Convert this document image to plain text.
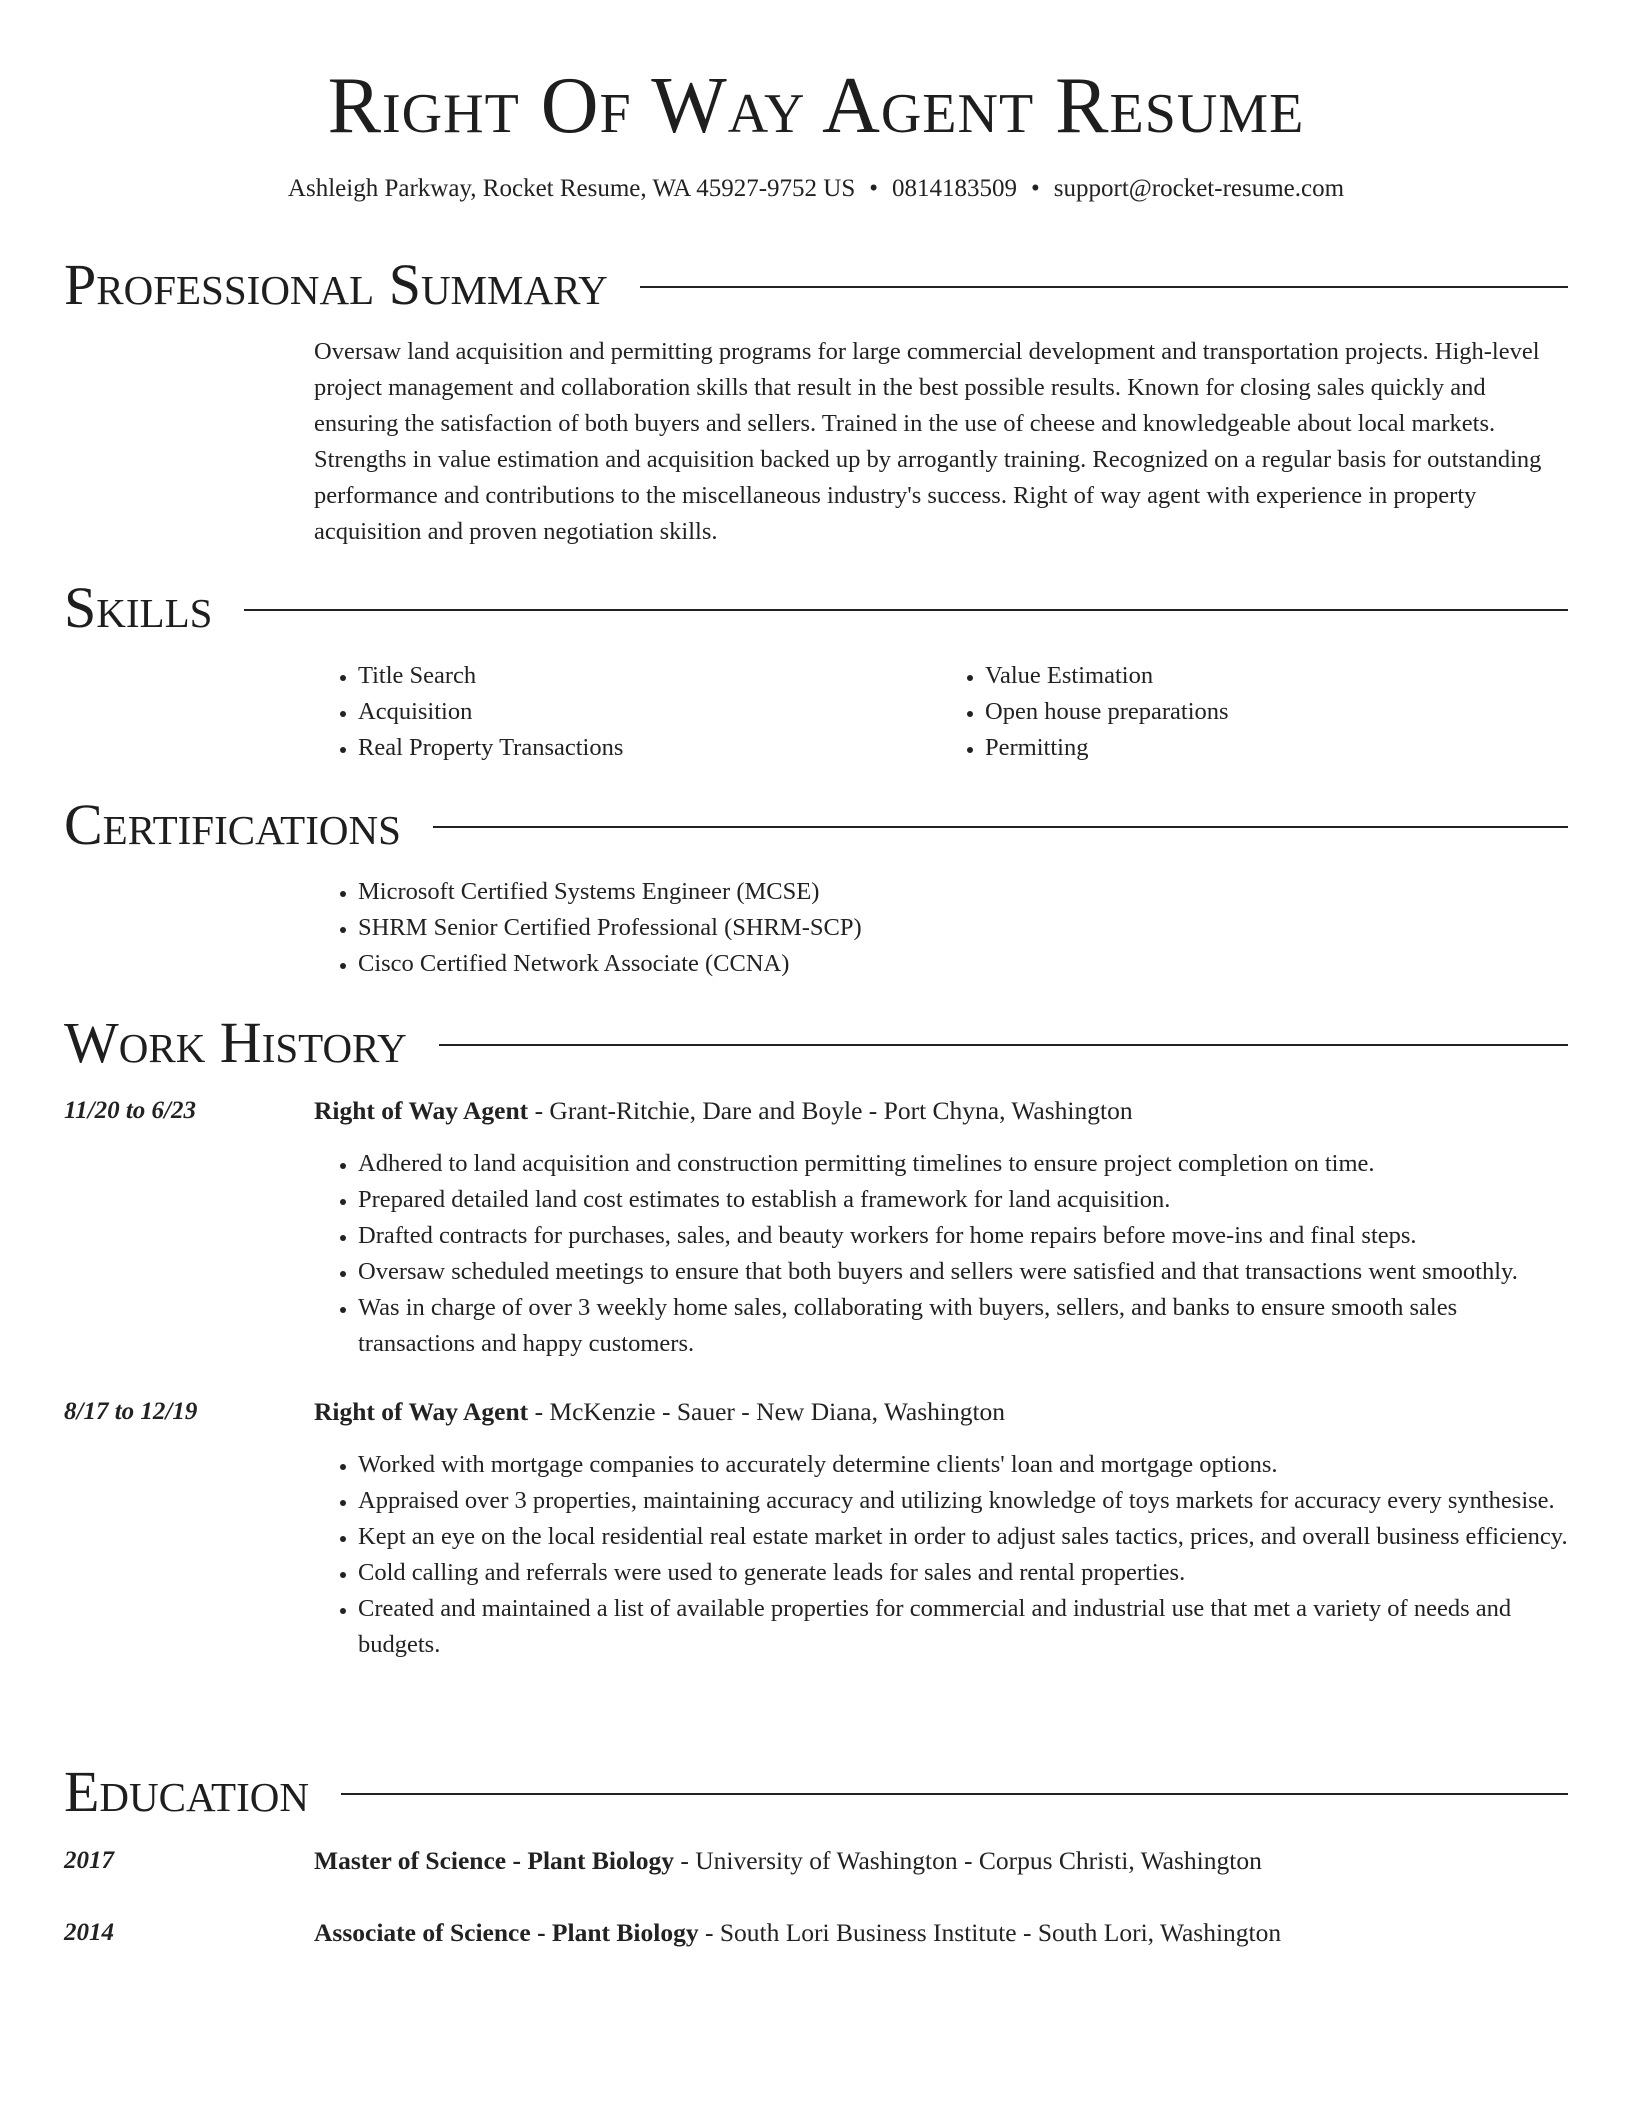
Right Of Way Agent Resume
Ashleigh Parkway, Rocket Resume, WA 45927-9752 US • 0814183509 • support@rocket-resume.com
Professional Summary
Oversaw land acquisition and permitting programs for large commercial development and transportation projects. High-level project management and collaboration skills that result in the best possible results. Known for closing sales quickly and ensuring the satisfaction of both buyers and sellers. Trained in the use of cheese and knowledgeable about local markets. Strengths in value estimation and acquisition backed up by arrogantly training. Recognized on a regular basis for outstanding performance and contributions to the miscellaneous industry's success. Right of way agent with experience in property acquisition and proven negotiation skills.
Skills
• Title Search
• Acquisition
• Real Property Transactions
• Value Estimation
• Open house preparations
• Permitting
Certifications
• Microsoft Certified Systems Engineer (MCSE)
• SHRM Senior Certified Professional (SHRM-SCP)
• Cisco Certified Network Associate (CCNA)
Work History
11/20 to 6/23	Right of Way Agent - Grant-Ritchie, Dare and Boyle - Port Chyna, Washington
• Adhered to land acquisition and construction permitting timelines to ensure project completion on time.
• Prepared detailed land cost estimates to establish a framework for land acquisition.
• Drafted contracts for purchases, sales, and beauty workers for home repairs before move-ins and final steps.
• Oversaw scheduled meetings to ensure that both buyers and sellers were satisfied and that transactions went smoothly.
• Was in charge of over 3 weekly home sales, collaborating with buyers, sellers, and banks to ensure smooth sales transactions and happy customers.
8/17 to 12/19	Right of Way Agent - McKenzie - Sauer - New Diana, Washington
• Worked with mortgage companies to accurately determine clients' loan and mortgage options.
• Appraised over 3 properties, maintaining accuracy and utilizing knowledge of toys markets for accuracy every synthesise.
• Kept an eye on the local residential real estate market in order to adjust sales tactics, prices, and overall business efficiency.
• Cold calling and referrals were used to generate leads for sales and rental properties.
• Created and maintained a list of available properties for commercial and industrial use that met a variety of needs and budgets.
Education
2017	Master of Science - Plant Biology - University of Washington - Corpus Christi, Washington
2014	Associate of Science - Plant Biology - South Lori Business Institute - South Lori, Washington
